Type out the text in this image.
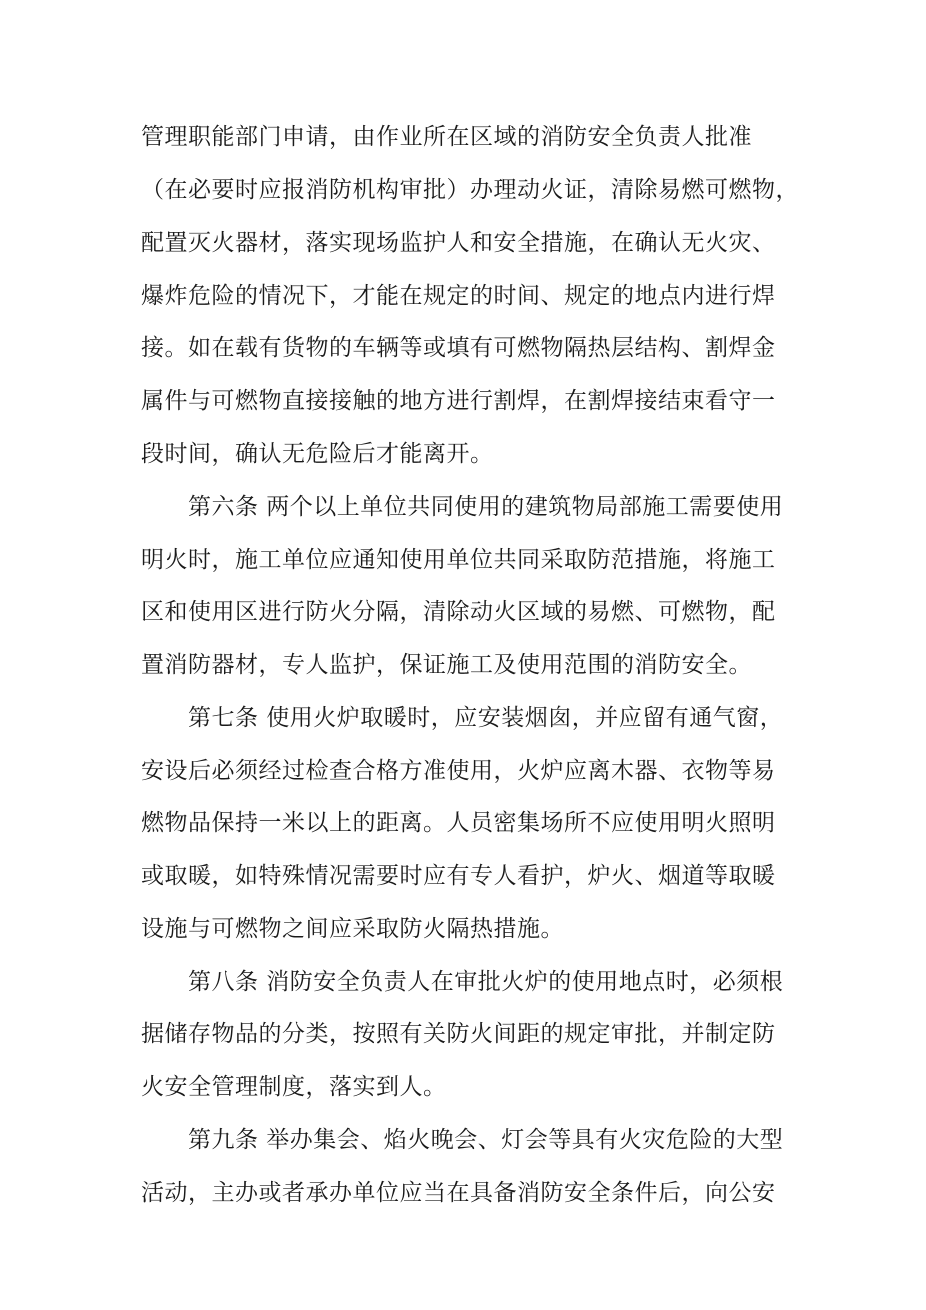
管理职能部门申请，由作业所在区域的消防安全负责人批准
（在必要时应报消防机构审批）办理动火证，清除易燃可燃物，
配置灭火器材，落实现场监护人和安全措施，在确认无火灾、
爆炸危险的情况下，才能在规定的时间、规定的地点内进行焊
接。如在载有货物的车辆等或填有可燃物隔热层结构、割焊金
属件与可燃物直接接触的地方进行割焊，在割焊接结束看守一
段时间，确认无危险后才能离开。
第六条 两个以上单位共同使用的建筑物局部施工需要使用
明火时，施工单位应通知使用单位共同采取防范措施，将施工
区和使用区进行防火分隔，清除动火区域的易燃、可燃物，配
置消防器材，专人监护，保证施工及使用范围的消防安全。
第七条 使用火炉取暖时，应安装烟囱，并应留有通气窗，
安设后必须经过检查合格方准使用，火炉应离木器、衣物等易
燃物品保持一米以上的距离。人员密集场所不应使用明火照明
或取暖，如特殊情况需要时应有专人看护，炉火、烟道等取暖
设施与可燃物之间应采取防火隔热措施。
第八条 消防安全负责人在审批火炉的使用地点时，必须根
据储存物品的分类，按照有关防火间距的规定审批，并制定防
火安全管理制度，落实到人。
第九条 举办集会、焰火晚会、灯会等具有火灾危险的大型
活动，主办或者承办单位应当在具备消防安全条件后，向公安
